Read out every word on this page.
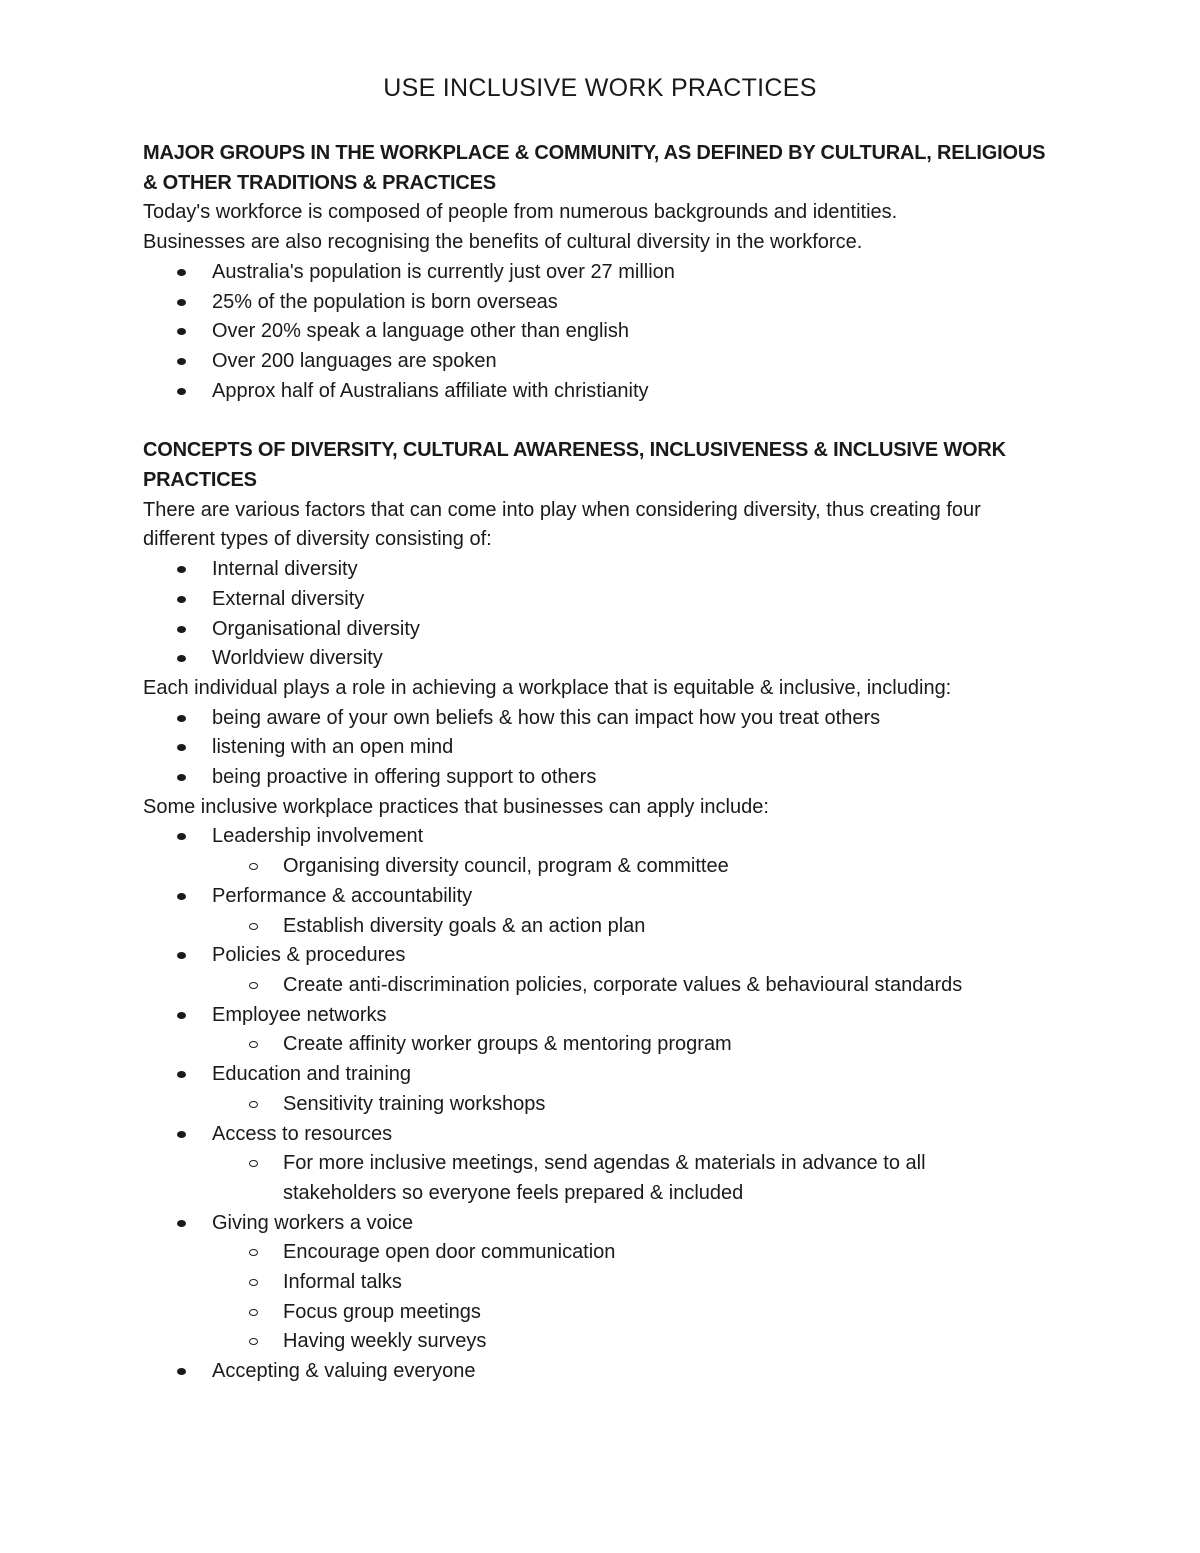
USE INCLUSIVE WORK PRACTICES

MAJOR GROUPS IN THE WORKPLACE & COMMUNITY, AS DEFINED BY CULTURAL, RELIGIOUS
& OTHER TRADITIONS & PRACTICES

Today's workforce is composed of people from numerous backgrounds and identities.
Businesses are also recognising the benefits of cultural diversity in the workforce.

Australia's population is currently just over 27 million
25% of the population is born overseas
Over 20% speak a language other than english
Over 200 languages are spoken
Approx half of Australians affiliate with christianity

CONCEPTS OF DIVERSITY, CULTURAL AWARENESS, INCLUSIVENESS & INCLUSIVE WORK
PRACTICES

There are various factors that can come into play when considering diversity, thus creating four
different types of diversity consisting of:

Internal diversity
External diversity
Organisational diversity
Worldview diversity

Each individual plays a role in achieving a workplace that is equitable & inclusive, including:

being aware of your own beliefs & how this can impact how you treat others
listening with an open mind
being proactive in offering support to others

Some inclusive workplace practices that businesses can apply include:

Leadership involvement
Organising diversity council, program & committee
Performance & accountability
Establish diversity goals & an action plan
Policies & procedures
Create anti-discrimination policies, corporate values & behavioural standards
Employee networks
Create affinity worker groups & mentoring program
Education and training
Sensitivity training workshops
Access to resources
For more inclusive meetings, send agendas & materials in advance to all stakeholders so everyone feels prepared & included
Giving workers a voice
Encourage open door communication
Informal talks
Focus group meetings
Having weekly surveys
Accepting & valuing everyone
